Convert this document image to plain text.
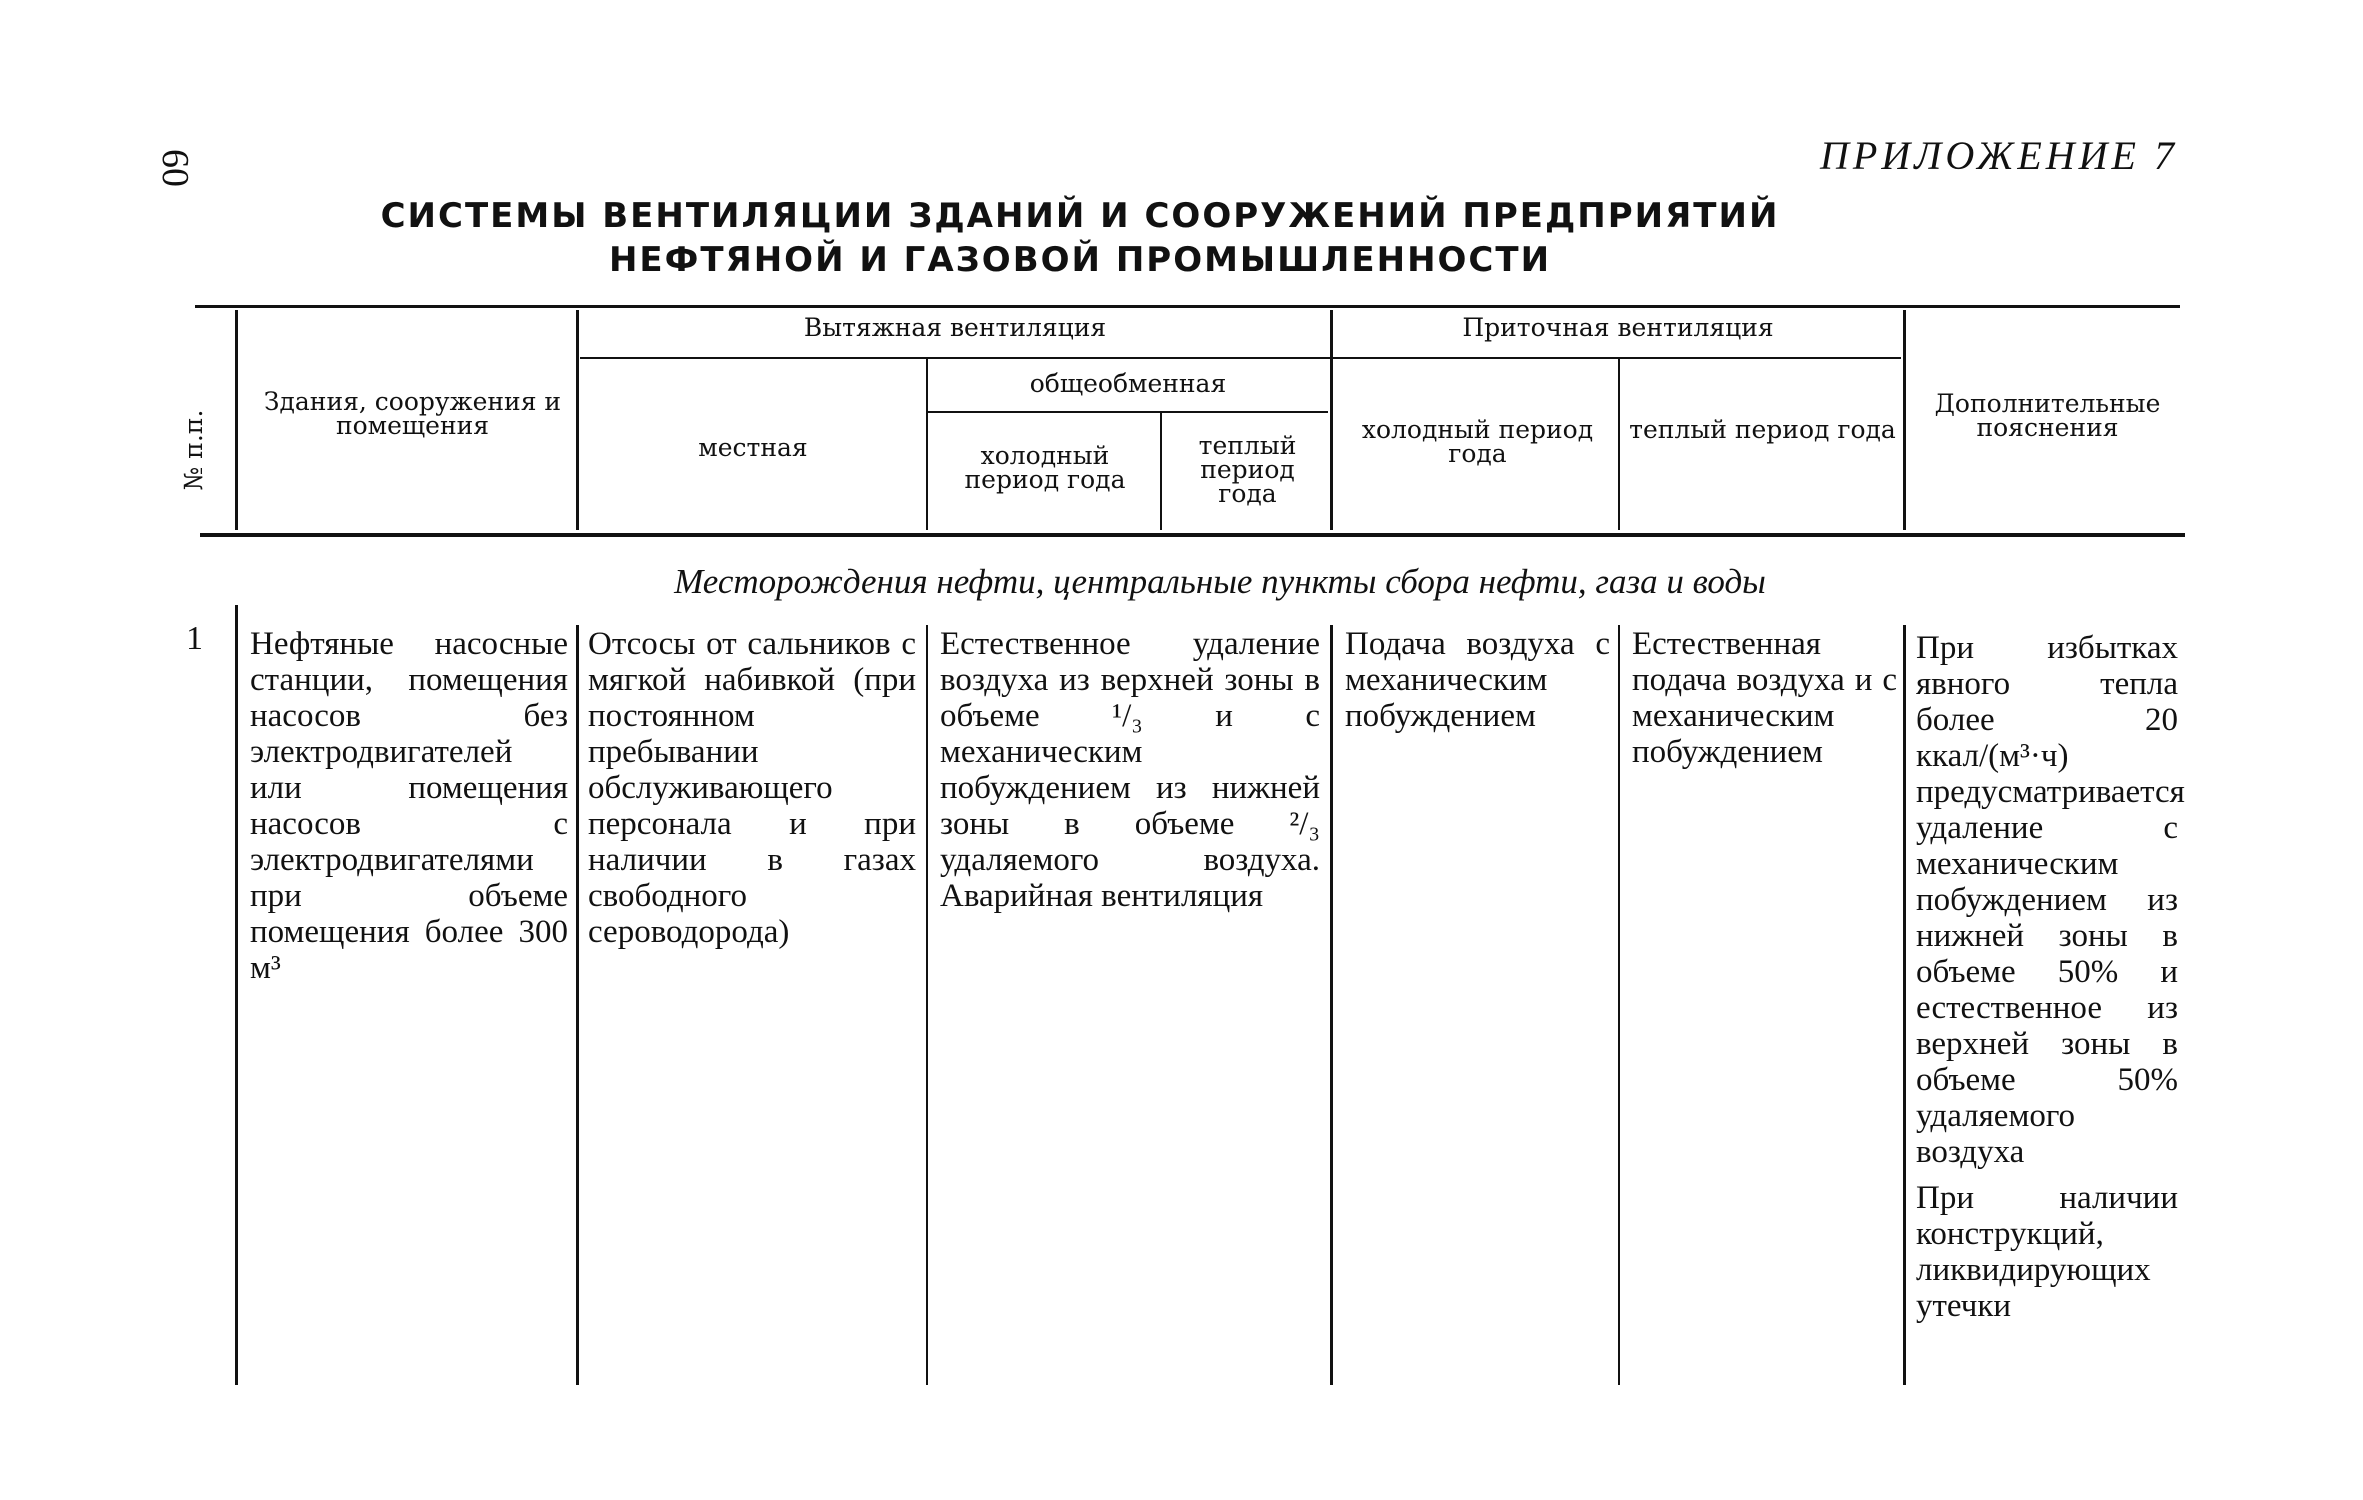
60	ПРИЛОЖЕНИЕ 7
СИСТЕМЫ ВЕНТИЛЯЦИИ ЗДАНИЙ И СООРУЖЕНИЙ ПРЕДПРИЯТИЙ
НЕФТЯНОЙ И ГАЗОВОЙ ПРОМЫШЛЕННОСТИ
№ п.п.
Здания, сооружения и помещения
Вытяжная вентиляция
местная
общеобменная
холодный период года
теплый период года
Приточная вентиляция
холодный период года
теплый период года
Дополнительные пояснения
Месторождения нефти, центральные пункты сбора нефти, газа и воды
1 Нефтяные насосные станции, помещения насосов без электродвигателей или помещения насосов с электродвигателями при объеме помещения более 300 м³
Отсосы от сальников с мягкой набивкой (при постоянном пребывании обслуживающего персонала и при наличии в газах свободного сероводорода)
Естественное удаление воздуха из верхней зоны в объеме ¹/₃ и с механическим побуждением из нижней зоны в объеме ²/₃ удаляемого воздуха. Аварийная вентиляция
Подача воздуха с механическим побуждением
Естественная подача воздуха и с механическим побуждением
При избытках явного тепла более 20 ккал/(м³·ч) предусматривается удаление с механическим побуждением из нижней зоны в объеме 50% и естественное из верхней зоны в объеме 50% удаляемого воздуха
При наличии конструкций, ликвидирующих утечки
